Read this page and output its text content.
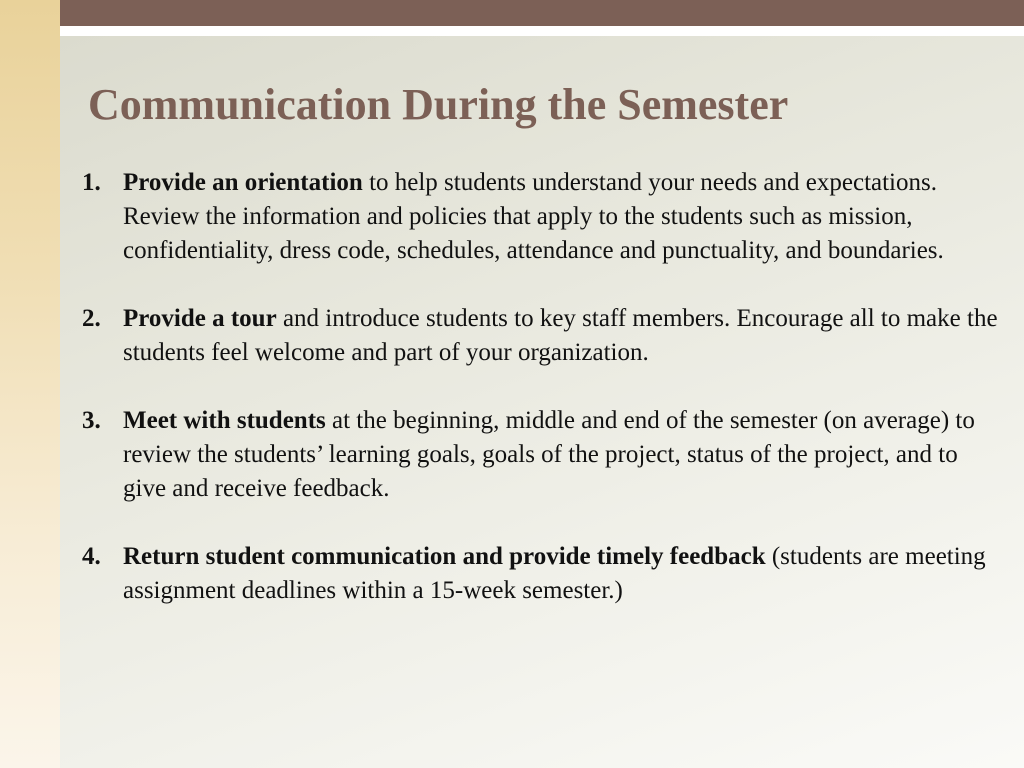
Communication During the Semester
1. Provide an orientation to help students understand your needs and expectations. Review the information and policies that apply to the students such as mission, confidentiality, dress code, schedules, attendance and punctuality, and boundaries.
2. Provide a tour and introduce students to key staff members. Encourage all to make the students feel welcome and part of your organization.
3. Meet with students at the beginning, middle and end of the semester (on average) to review the students’ learning goals, goals of the project, status of the project, and to give and receive feedback.
4. Return student communication and provide timely feedback (students are meeting assignment deadlines within a 15-week semester.)
